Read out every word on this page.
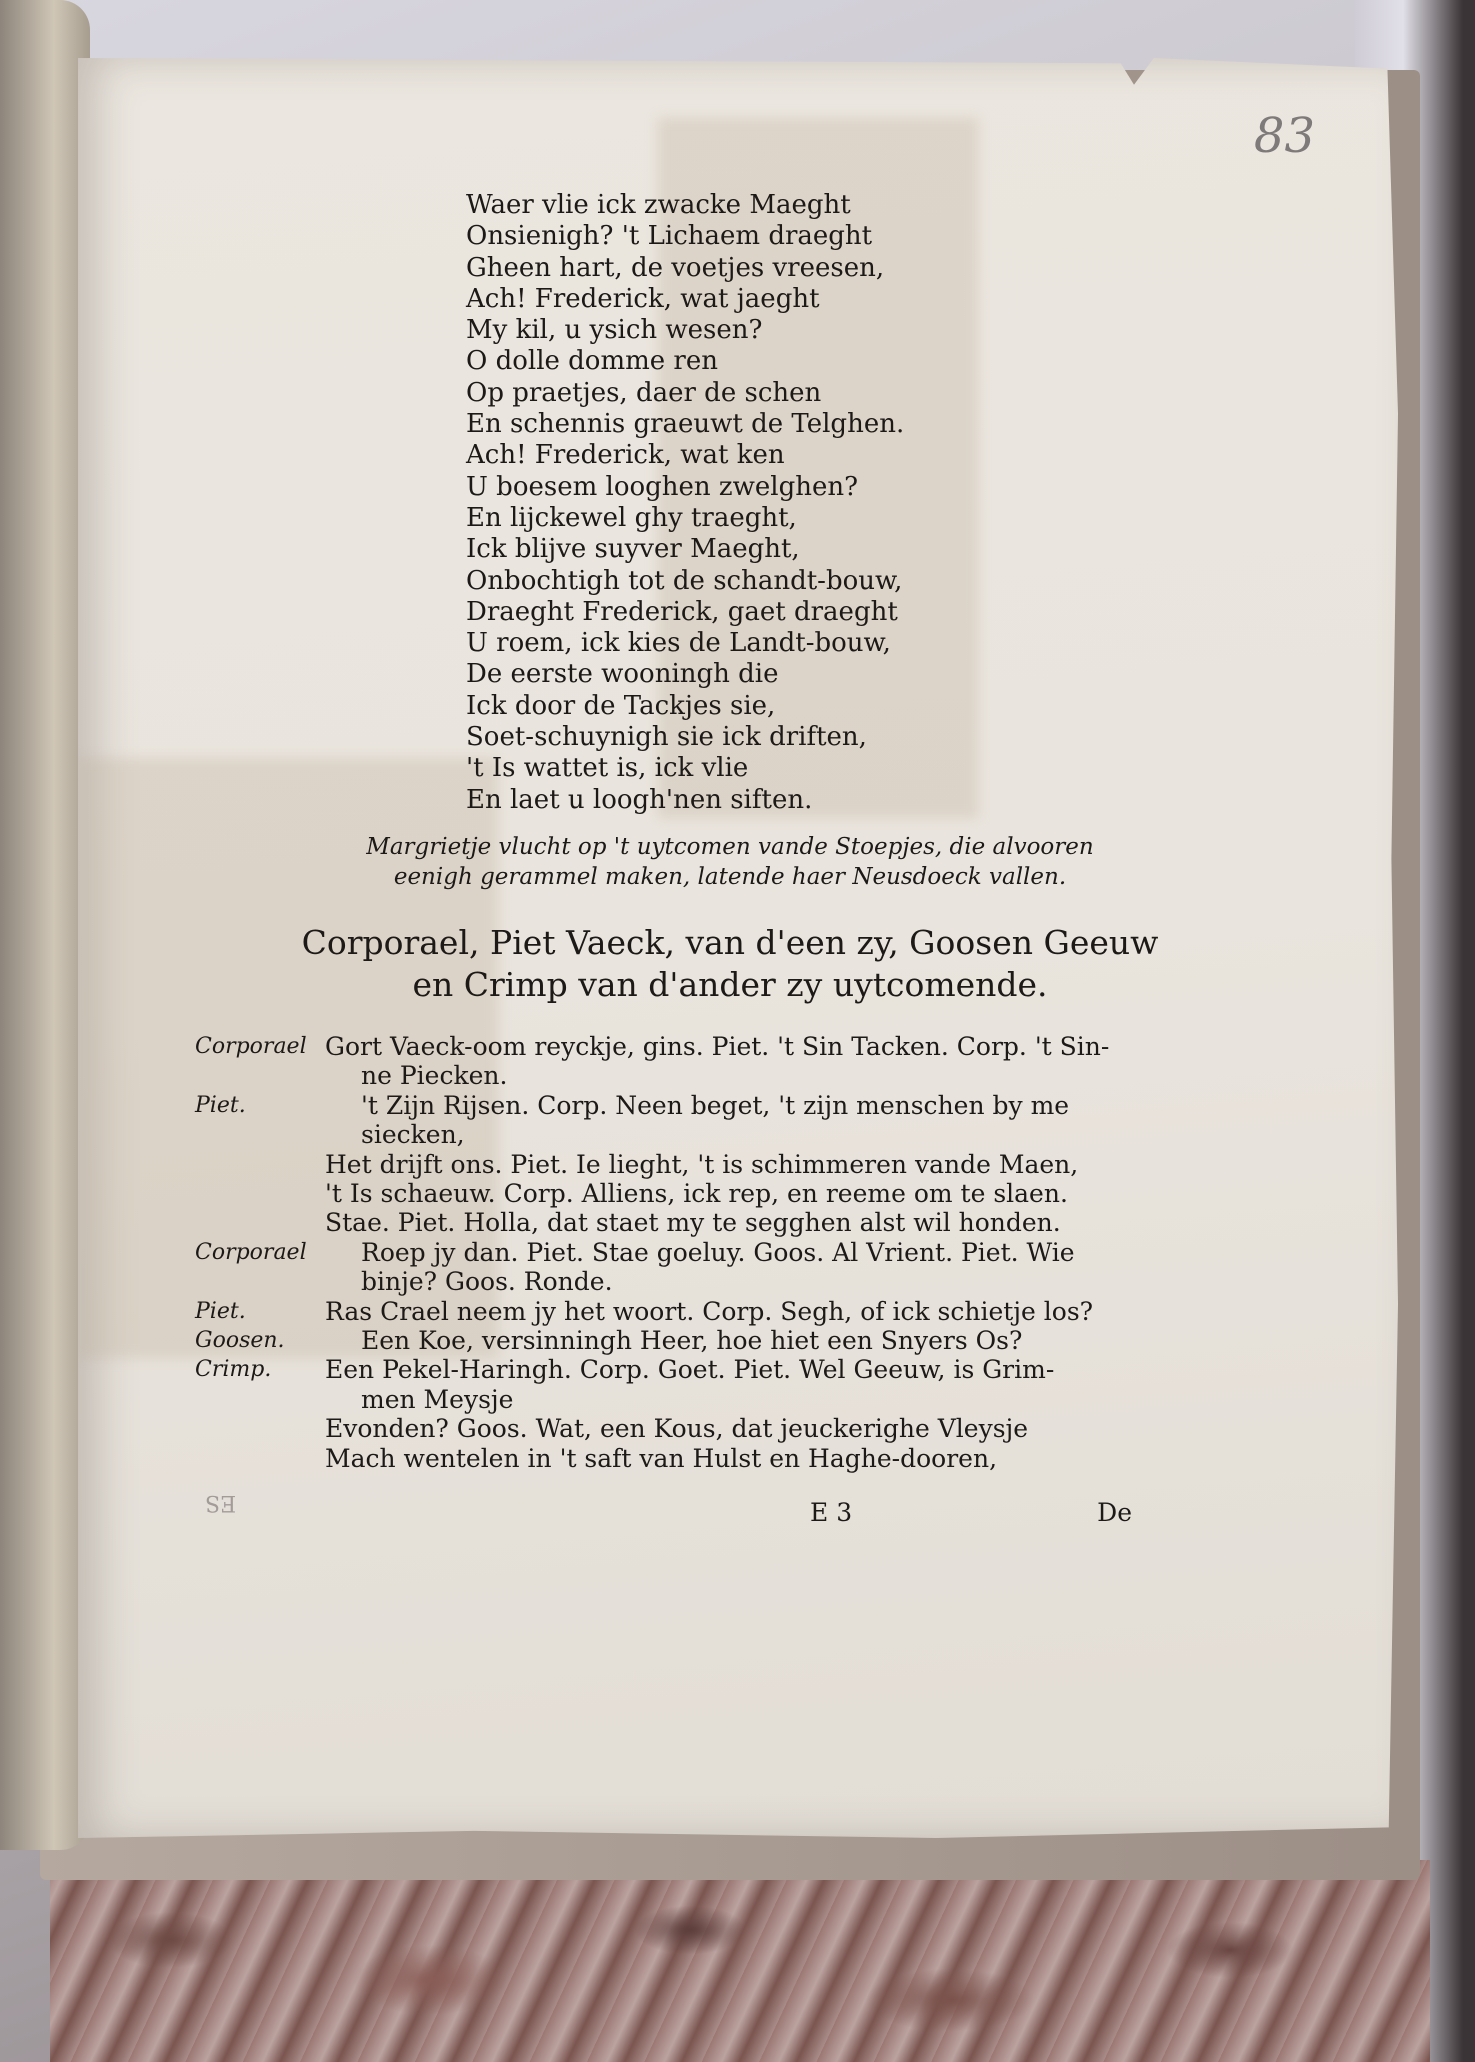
83

Waer vlie ick zwacke Maeght
Onsienigh? 't Lichaem draeght
Gheen hart, de voetjes vreesen,
Ach! Frederick, wat jaeght
My kil, u ysich wesen?
O dolle domme ren
Op praetjes, daer de schen
En schennis graeuwt de Telghen.
Ach! Frederick, wat ken
U boesem looghen zwelghen?
En lijckewel ghy traeght,
Ick blijve suyver Maeght,
Onbochtigh tot de schandt-bouw,
Draeght Frederick, gaet draeght
U roem, ick kies de Landt-bouw,
De eerste wooningh die
Ick door de Tackjes sie,
Soet-schuynigh sie ick driften,
't Is wattet is, ick vlie
En laet u loogh'nen siften.

Margrietje vlucht op 't uytcomen vande Stoepjes, die alvooren
eenigh gerammel maken, latende haer Neusdoeck vallen.

Corporael, Piet Vaeck, van d'een zy, Goosen Geeuw
en Crimp van d'ander zy uytcomende.
Corporael Gort Vaeck-oom reyckje, gins. Piet. 't Sin Tacken. Corp. 't Sin-
ne Piecken.
Piet.	't Zijn Rijsen. Corp. Neen beget, 't zijn menschen by me
siecken,
Het drijft ons. Piet. Ie lieght, 't is schimmeren vande Maen,
't Is schaeuw. Corp. Alliens, ick rep, en reeme om te slaen.
Stae. Piet. Holla, dat staet my te segghen alst wil honden.
Corporael	Roep jy dan. Piet. Stae goeluy. Goos. Al Vrient. Piet. Wie
binje? Goos. Ronde.
Piet.	Ras Crael neem jy het woort. Corp. Segh, of ick schietje los?
Goosen.	Een Koe, versinningh Heer, hoe hiet een Snyers Os?
Crimp.	Een Pekel-Haringh. Corp. Goet. Piet. Wel Geeuw, is Grim-
men Meysje
Evonden? Goos. Wat, een Kous, dat jeuckerighe Vleysje
Mach wentelen in 't saft van Hulst en Haghe-dooren,
E 3	De

ES
